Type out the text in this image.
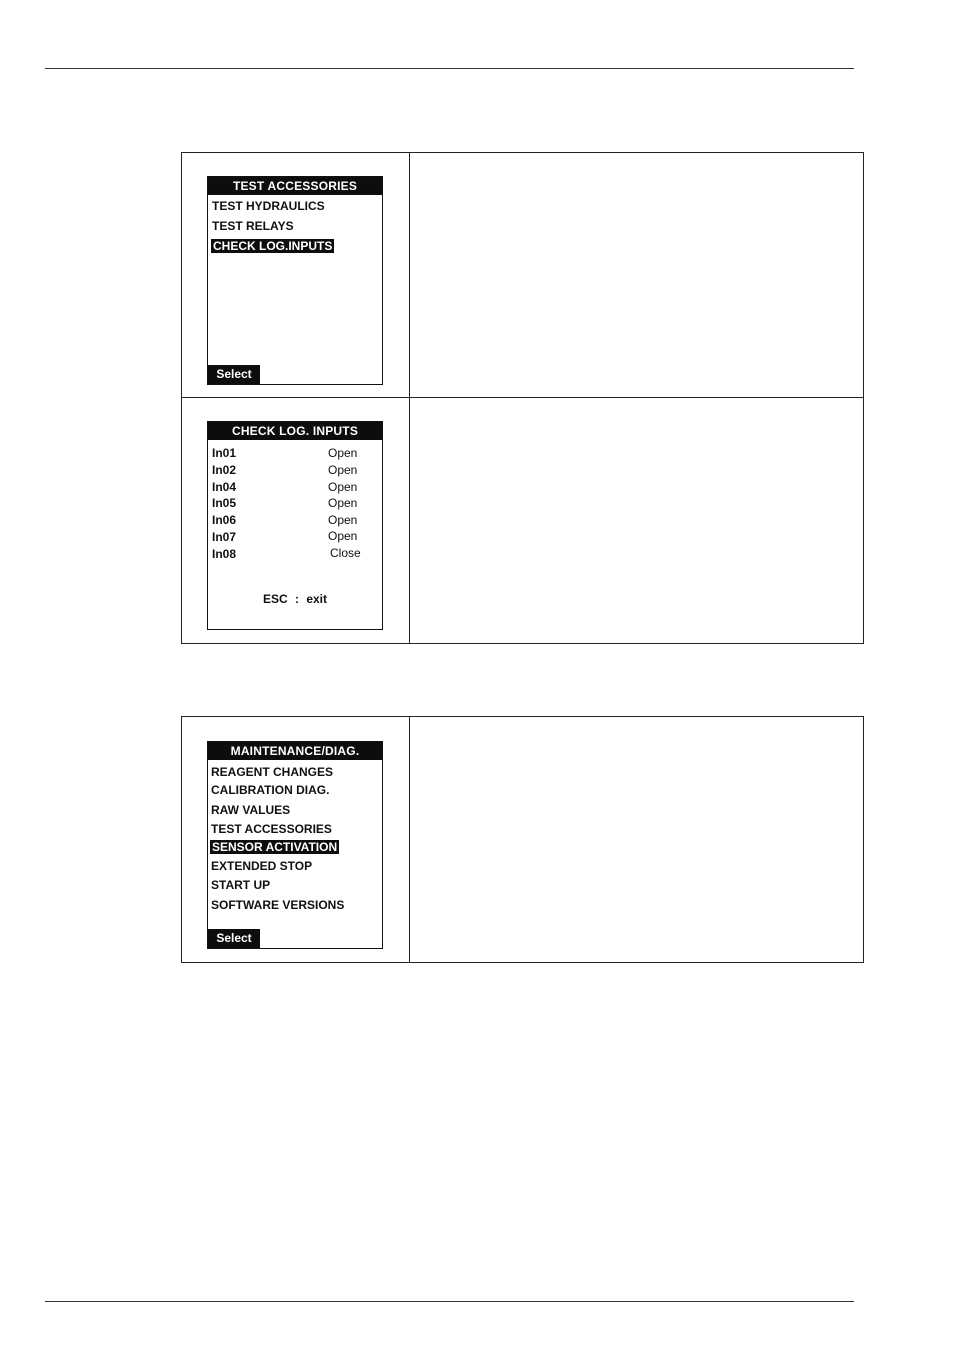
TEST ACCESSORIES
TEST HYDRAULICS
TEST RELAYS
CHECK LOG.INPUTS
Select
CHECK LOG. INPUTS
In01	Open
In02	Open
In04	Open
In05	Open
In06	Open
In07	Open
In08	Close
ESC : exit
MAINTENANCE/DIAG.
REAGENT CHANGES
CALIBRATION DIAG.
RAW VALUES
TEST ACCESSORIES
SENSOR ACTIVATION
EXTENDED STOP
START UP
SOFTWARE VERSIONS
Select
